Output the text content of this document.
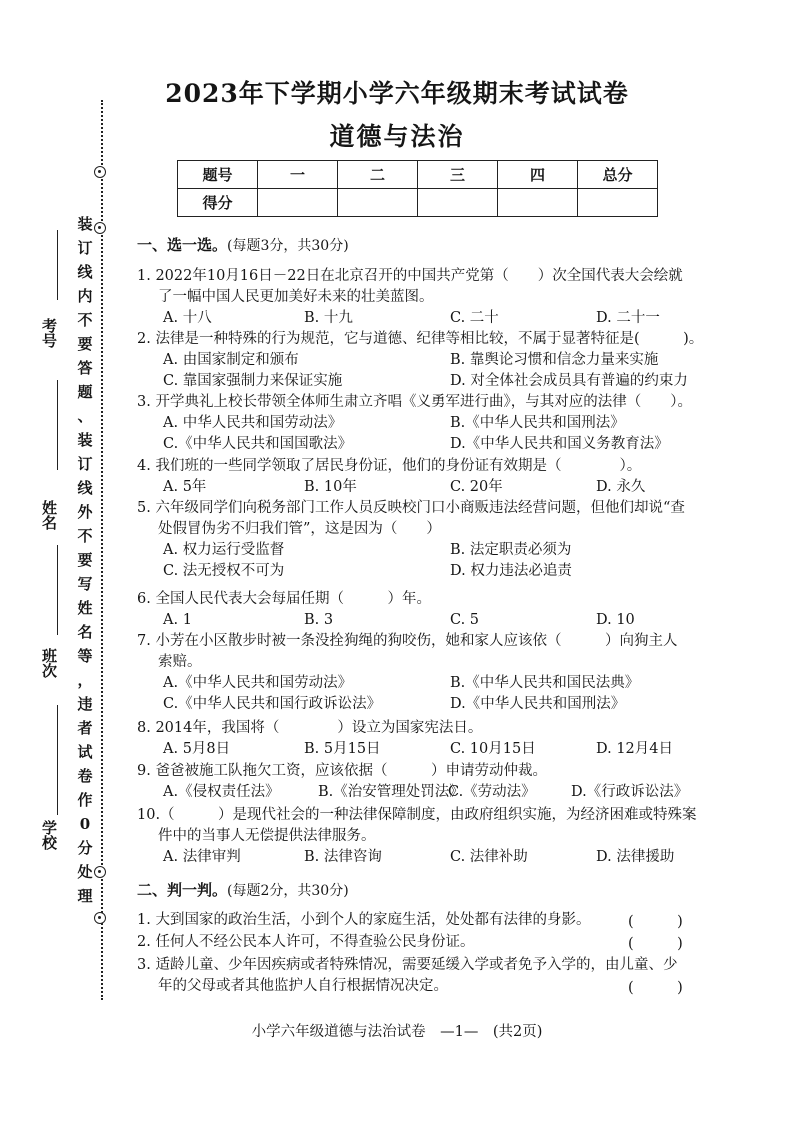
装
订
线
内
不
要
答
题
、
装
订
线
外
不
要
写
姓
名
等
，
违
者
试
卷
作
0
分
处
理
考号
姓名
班次
学校
2023年下学期小学六年级期末考试试卷
道德与法治
题号	一	二	三	四	总分
得分					
一、选一选。(每题3分，共30分)
1. 2022年10月16日－22日在北京召开的中国共产党第（　　）次全国代表大会绘就
了一幅中国人民更加美好未来的壮美蓝图。
A. 十八	B. 十九	C. 二十	D. 二十一
2. 法律是一种特殊的行为规范，它与道德、纪律等相比较，不属于显著特征是(　　　)。
A. 由国家制定和颁布	B. 靠舆论习惯和信念力量来实施
C. 靠国家强制力来保证实施	D. 对全体社会成员具有普遍的约束力
3. 开学典礼上校长带领全体师生肃立齐唱《义勇军进行曲》，与其对应的法律（　　）。
A. 中华人民共和国劳动法》	B.《中华人民共和国刑法》
C.《中华人民共和国国歌法》	D.《中华人民共和国义务教育法》
4. 我们班的一些同学领取了居民身份证，他们的身份证有效期是（　　　　）。
A. 5年	B. 10年	C. 20年	D. 永久
5. 六年级同学们向税务部门工作人员反映校门口小商贩违法经营问题，但他们却说“查
处假冒伪劣不归我们管”，这是因为（　　）
A. 权力运行受监督	B. 法定职责必须为
C. 法无授权不可为	D. 权力违法必追责
6. 全国人民代表大会每届任期（　　　）年。
A. 1	B. 3	C. 5	D. 10
7. 小芳在小区散步时被一条没拴狗绳的狗咬伤，她和家人应该依（　　　）向狗主人
索赔。
A.《中华人民共和国劳动法》	B.《中华人民共和国民法典》
C.《中华人民共和国行政诉讼法》	D.《中华人民共和国刑法》
8. 2014年，我国将（　　　　）设立为国家宪法日。
A. 5月8日	B. 5月15日	C. 10月15日	D. 12月4日
9. 爸爸被施工队拖欠工资，应该依据（　　　）申请劳动仲裁。
A.《侵权责任法》	B.《治安管理处罚法》
C.《劳动法》 D.《行政诉讼法》
10.（　　　）是现代社会的一种法律保障制度，由政府组织实施，为经济困难或特殊案
件中的当事人无偿提供法律服务。
A. 法律审判	B. 法律咨询	C. 法律补助	D. 法律援助
二、判一判。(每题2分，共30分)
1. 大到国家的政治生活，小到个人的家庭生活，处处都有法律的身影。	(　　　)
2. 任何人不经公民本人许可，不得查验公民身份证。	(　　　)
3. 适龄儿童、少年因疾病或者特殊情况，需要延缓入学或者免予入学的，由儿童、少
年的父母或者其他监护人自行根据情况决定。	(　　　)
小学六年级道德与法治试卷　—1—　(共2页)
